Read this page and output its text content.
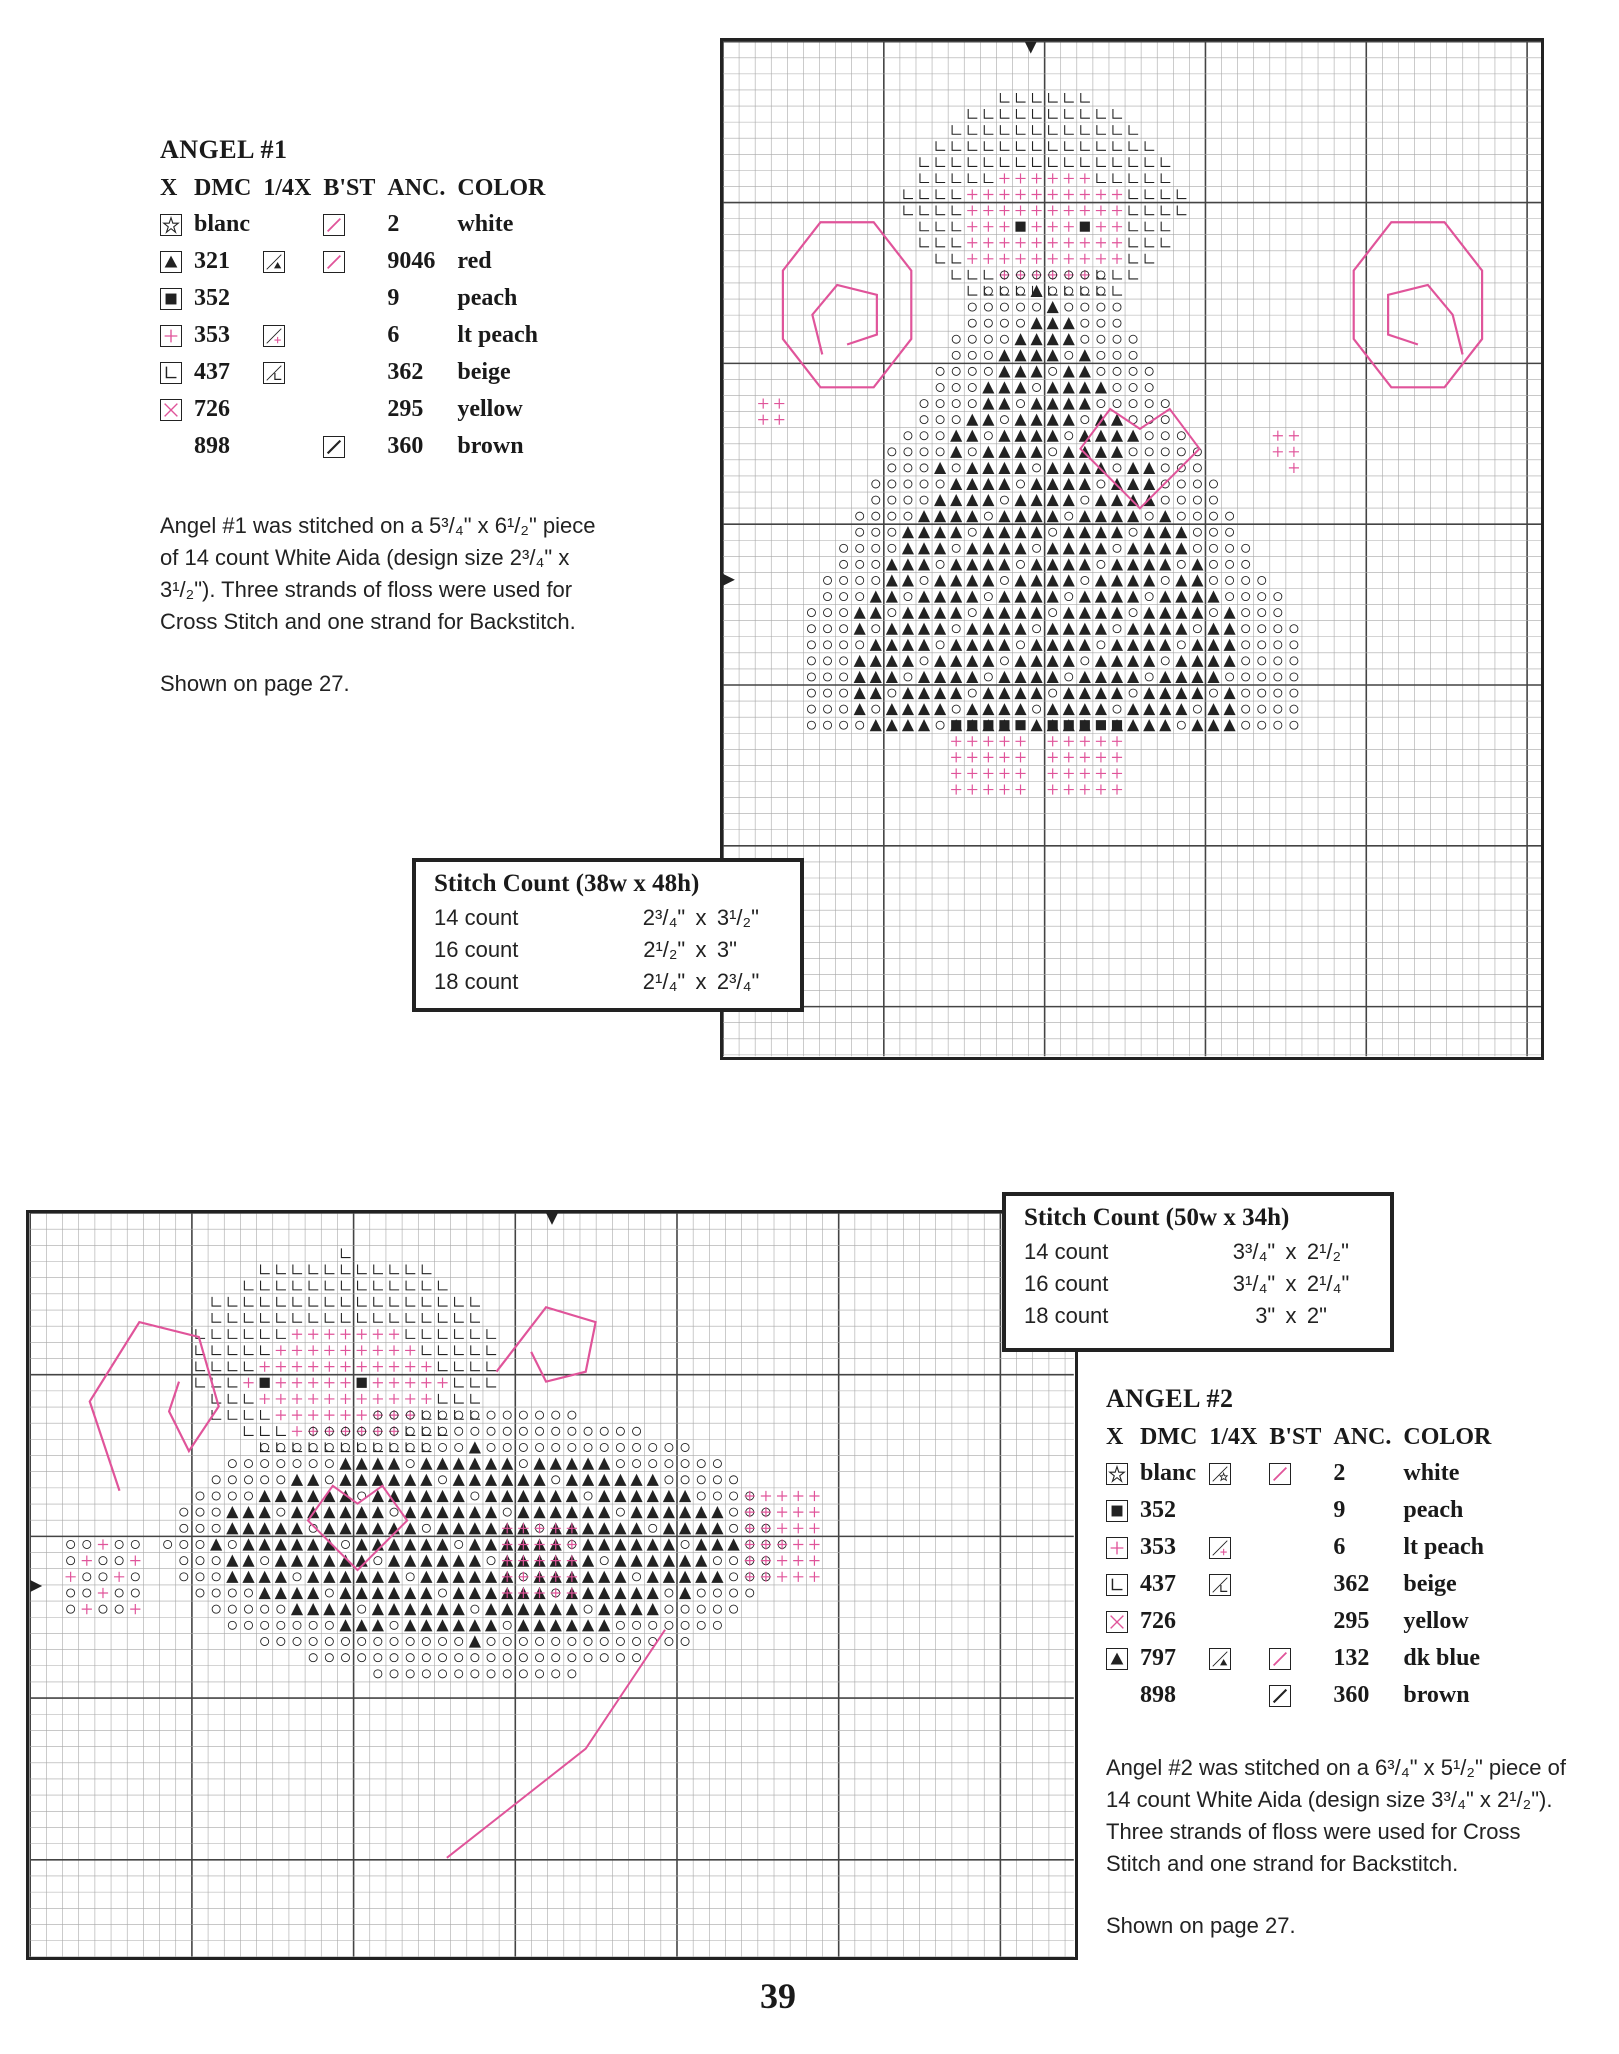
ANGEL #1
X	DMC	1/4X	B'ST	ANC.	COLOR

	blanc			2	white

	321			9046	red

	352			9	peach

	353			6	lt peach

	437			362	beige

	726			295	yellow
	898			360	brown

Angel #1 was stitched on a 5³/₄" x 6¹/₂" piece of 14 count White Aida (design size 2³/₄" x 3¹/₂"). Three strands of floss were used for Cross Stitch and one strand for Backstitch.

Shown on page 27.

Stitch Count (38w x 48h)
14 count	2³/₄" x 3¹/₂"
16 count	2¹/₂" x 3"
18 count	2¹/₄" x 2³/₄"
Stitch Count (50w x 34h)
14 count	3³/₄" x 2¹/₂"
16 count	3¹/₄" x 2¹/₄"
18 count	3" x 2"
ANGEL #2
X	DMC	1/4X	B'ST	ANC.	COLOR

	blanc			2	white

	352			9	peach

	353			6	lt peach

	437			362	beige

	726			295	yellow

	797			132	dk blue
	898			360	brown

Angel #2 was stitched on a 6³/₄" x 5¹/₂" piece of 14 count White Aida (design size 3³/₄" x 2¹/₂"). Three strands of floss were used for Cross Stitch and one strand for Backstitch.

Shown on page 27.

39
